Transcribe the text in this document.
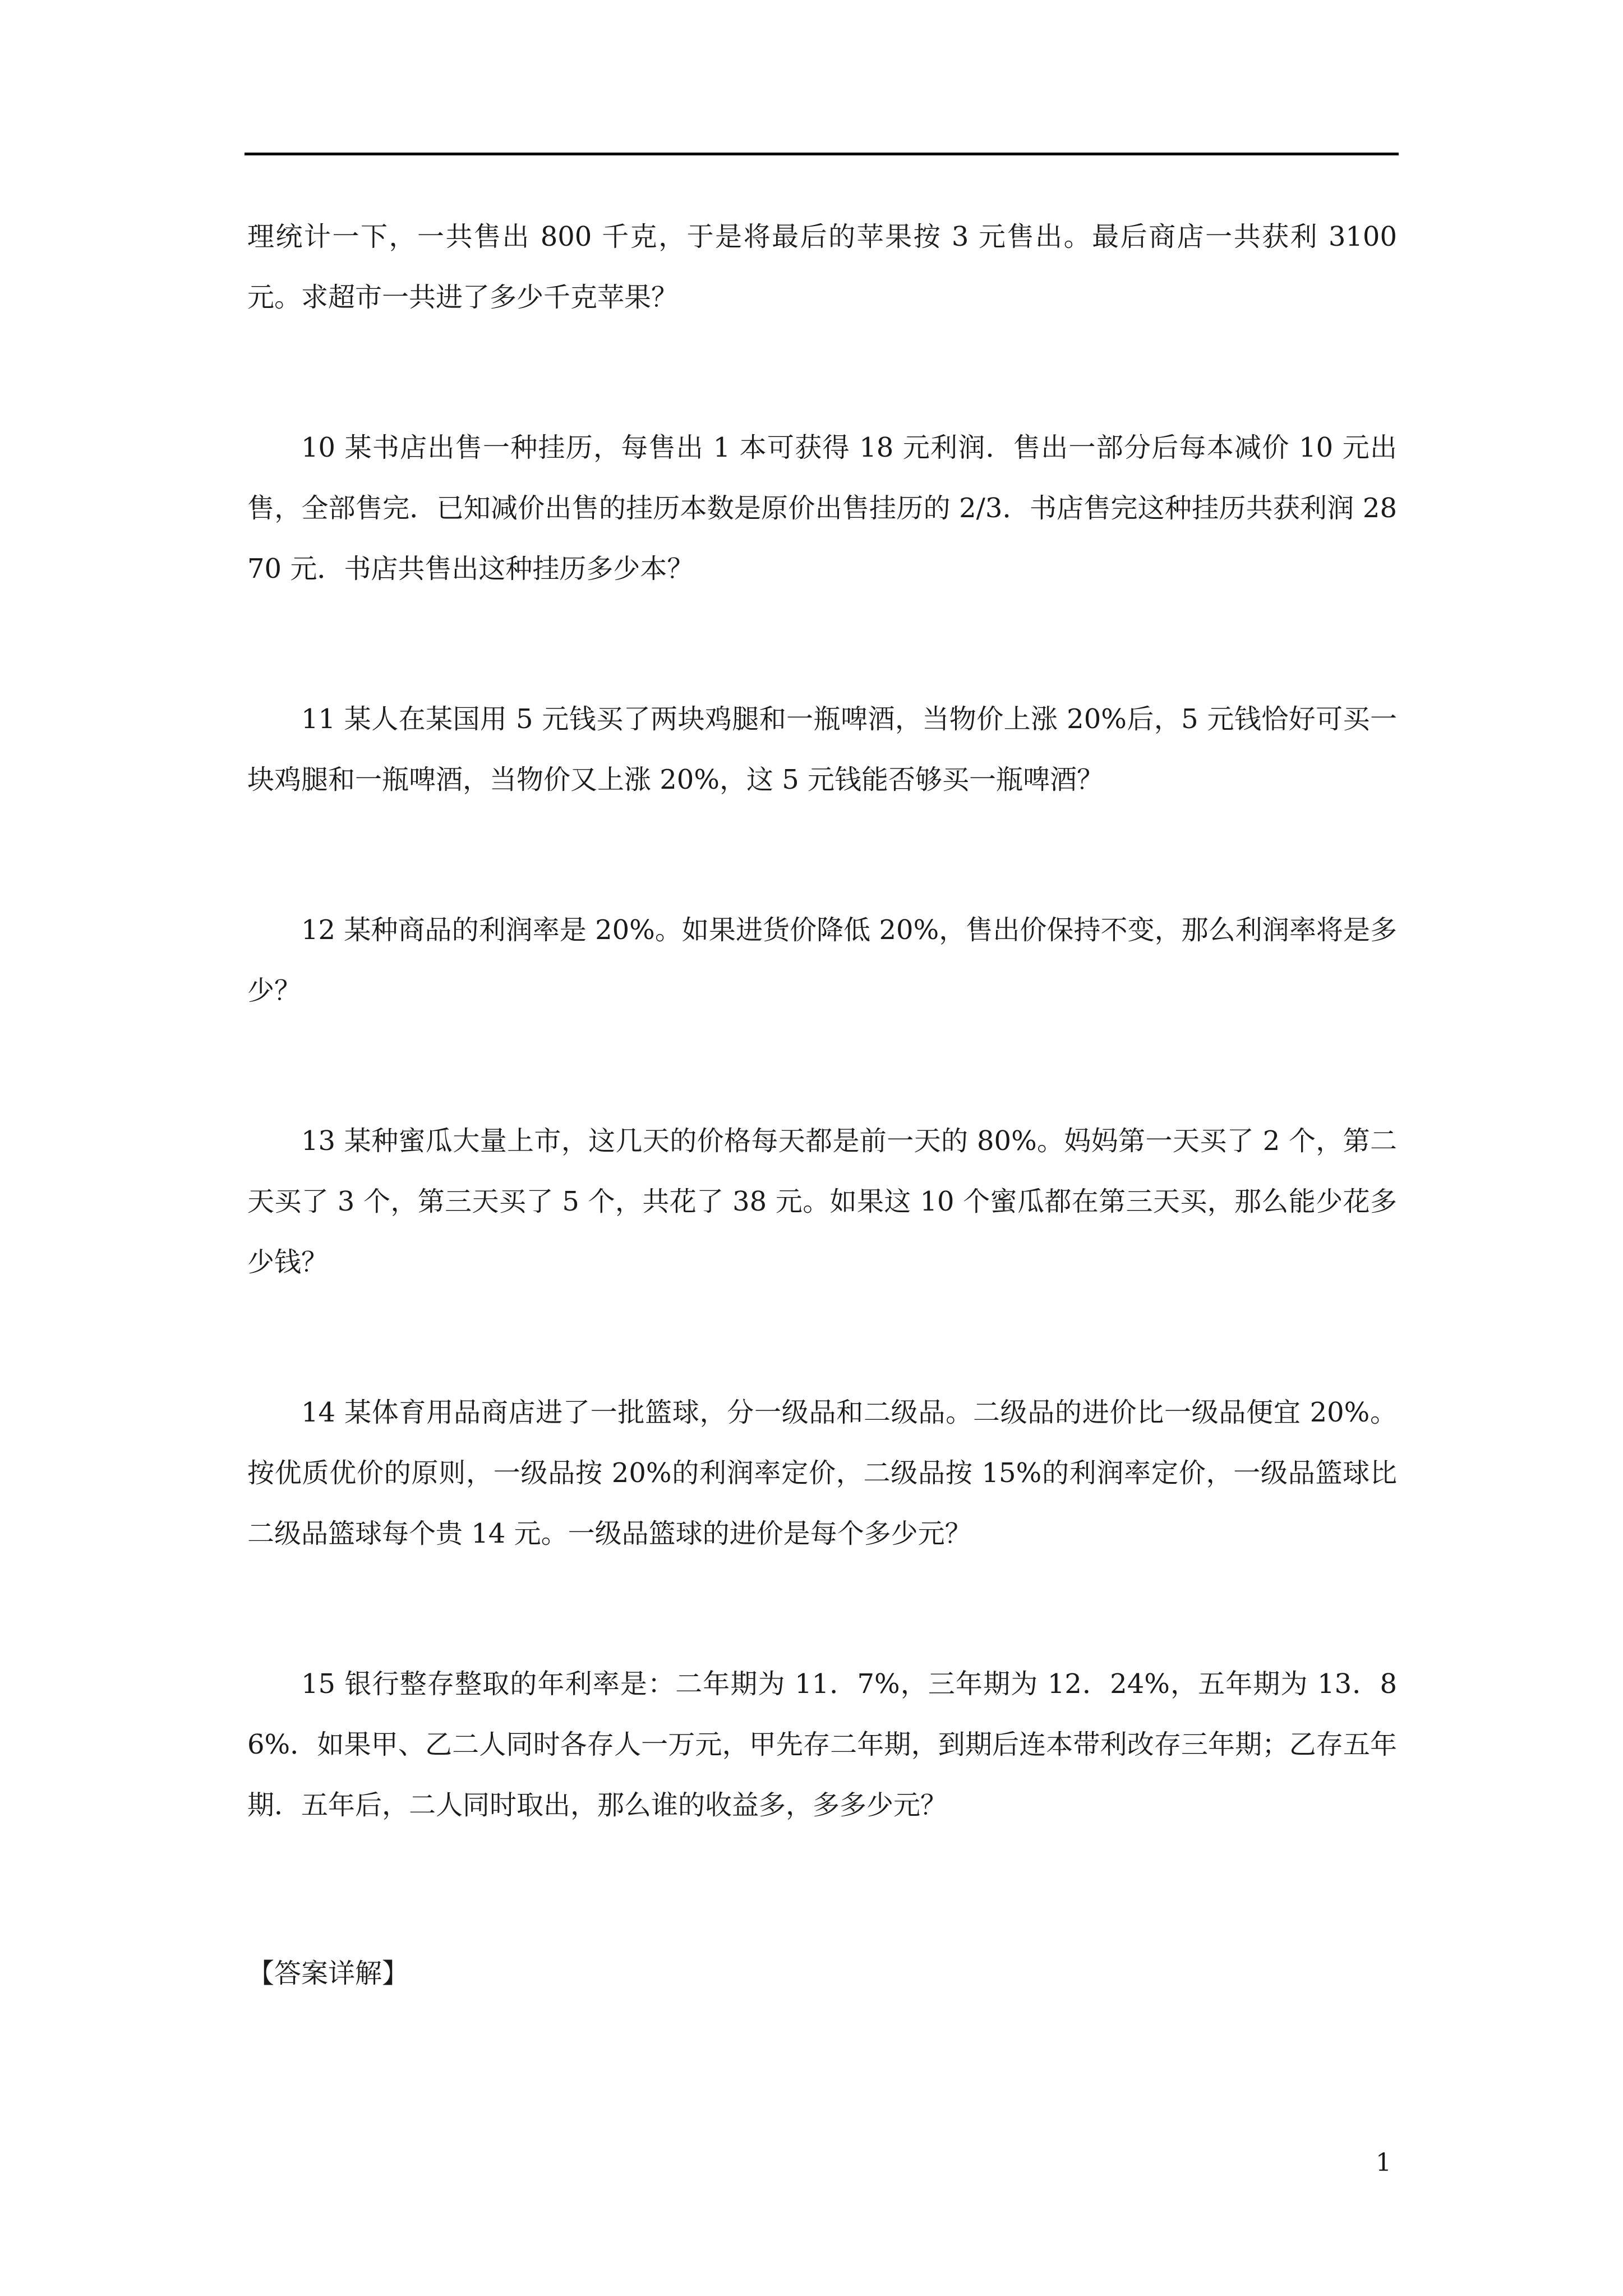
理统计一下，一共售出 800 千克，于是将最后的苹果按 3 元售出。最后商店一共获利 3100 元。求超市一共进了多少千克苹果？

10 某书店出售一种挂历，每售出 1 本可获得 18 元利润．售出一部分后每本减价 10 元出售，全部售完．已知减价出售的挂历本数是原价出售挂历的 2/3．书店售完这种挂历共获利润 2870 元．书店共售出这种挂历多少本？

11 某人在某国用 5 元钱买了两块鸡腿和一瓶啤酒，当物价上涨 20%后，5 元钱恰好可买一块鸡腿和一瓶啤酒，当物价又上涨 20%，这 5 元钱能否够买一瓶啤酒？

12 某种商品的利润率是 20%。如果进货价降低 20%，售出价保持不变，那么利润率将是多少？

13 某种蜜瓜大量上市，这几天的价格每天都是前一天的 80%。妈妈第一天买了 2 个，第二天买了 3 个，第三天买了 5 个，共花了 38 元。如果这 10 个蜜瓜都在第三天买，那么能少花多少钱？

14 某体育用品商店进了一批篮球，分一级品和二级品。二级品的进价比一级品便宜 20%。按优质优价的原则，一级品按 20%的利润率定价，二级品按 15%的利润率定价，一级品篮球比二级品篮球每个贵 14 元。一级品篮球的进价是每个多少元？

15 银行整存整取的年利率是：二年期为 11．7%，三年期为 12．24%，五年期为 13．86%．如果甲、乙二人同时各存人一万元，甲先存二年期，到期后连本带利改存三年期；乙存五年期．五年后，二人同时取出，那么谁的收益多，多多少元？

【答案详解】
1
